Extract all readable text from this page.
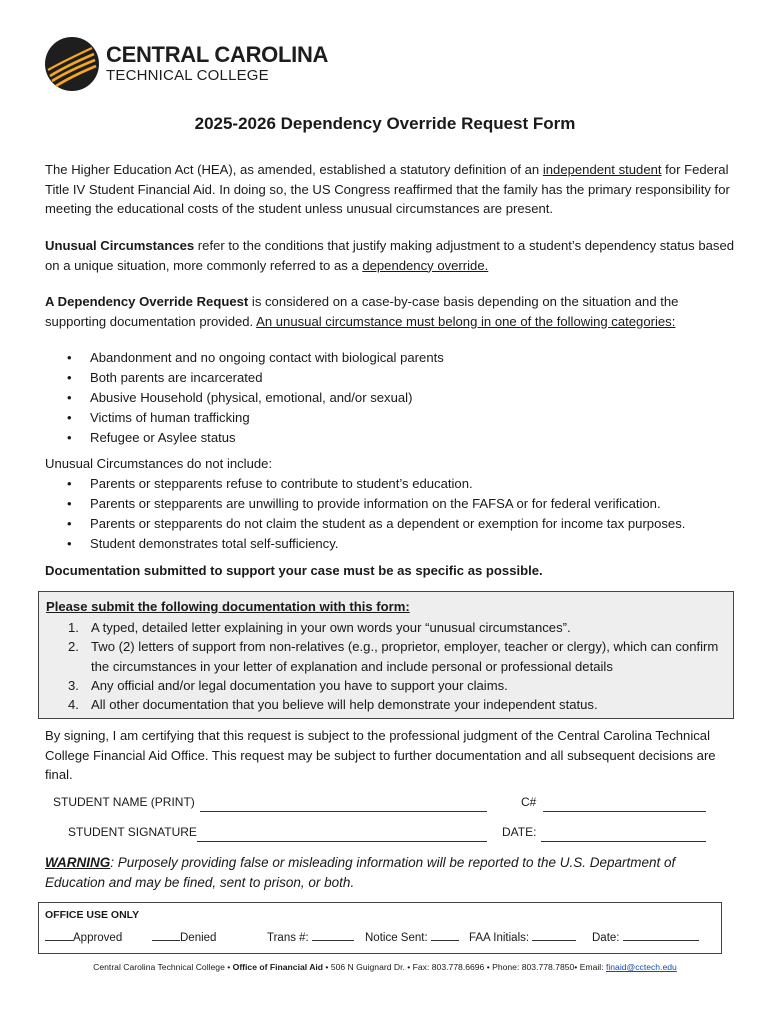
CENTRAL CAROLINA
TECHNICAL COLLEGE
2025-2026 Dependency Override Request Form
The Higher Education Act (HEA), as amended, established a statutory definition of an independent student for Federal Title IV Student Financial Aid. In doing so, the US Congress reaffirmed that the family has the primary responsibility for meeting the educational costs of the student unless unusual circumstances are present.
Unusual Circumstances refer to the conditions that justify making adjustment to a student’s dependency status based on a unique situation, more commonly referred to as a dependency override.
A Dependency Override Request is considered on a case-by-case basis depending on the situation and the supporting documentation provided. An unusual circumstance must belong in one of the following categories:
• Abandonment and no ongoing contact with biological parents
• Both parents are incarcerated
• Abusive Household (physical, emotional, and/or sexual)
• Victims of human trafficking
• Refugee or Asylee status
Unusual Circumstances do not include:
• Parents or stepparents refuse to contribute to student’s education.
• Parents or stepparents are unwilling to provide information on the FAFSA or for federal verification.
• Parents or stepparents do not claim the student as a dependent or exemption for income tax purposes.
• Student demonstrates total self-sufficiency.
Documentation submitted to support your case must be as specific as possible.
Please submit the following documentation with this form:
1. A typed, detailed letter explaining in your own words your “unusual circumstances”.
2. Two (2) letters of support from non-relatives (e.g., proprietor, employer, teacher or clergy), which can confirm the circumstances in your letter of explanation and include personal or professional details
3. Any official and/or legal documentation you have to support your claims.
4. All other documentation that you believe will help demonstrate your independent status.
By signing, I am certifying that this request is subject to the professional judgment of the Central Carolina Technical College Financial Aid Office. This request may be subject to further documentation and all subsequent decisions are final.
STUDENT NAME (PRINT)	C#
STUDENT SIGNATURE	DATE:
WARNING: Purposely providing false or misleading information will be reported to the U.S. Department of Education and may be fined, sent to prison, or both.
OFFICE USE ONLY
Approved	Denied	Trans #:	Notice Sent:	FAA Initials:	Date:
Central Carolina Technical College • Office of Financial Aid • 506 N Guignard Dr. • Fax: 803.778.6696 • Phone: 803.778.7850• Email: finaid@cctech.edu
